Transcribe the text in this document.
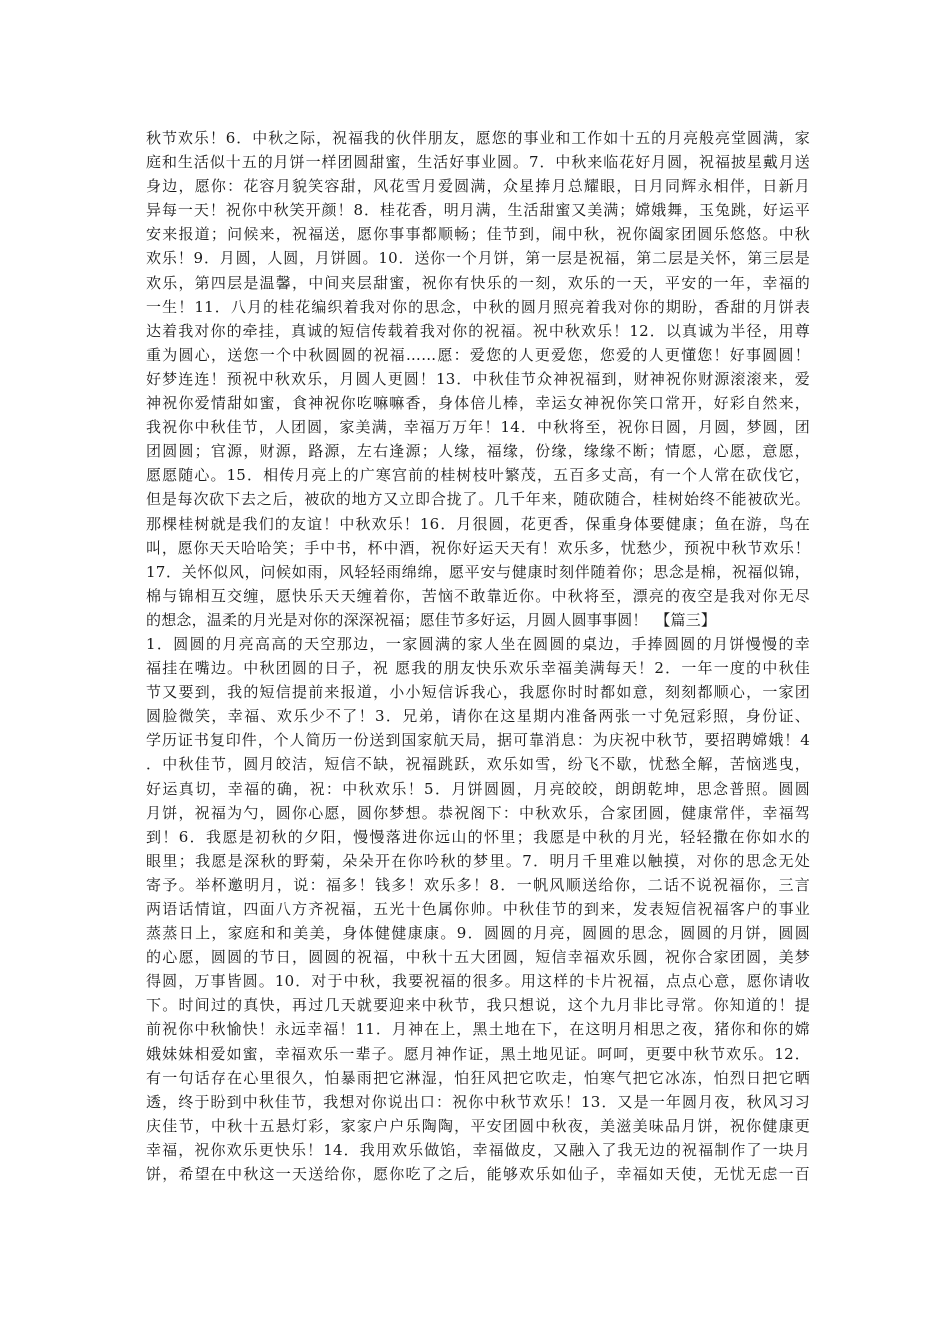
秋节欢乐！6．中秋之际，祝福我的伙伴朋友，愿您的事业和工作如十五的月亮般亮堂圆满，家
庭和生活似十五的月饼一样团圆甜蜜，生活好事业圆。7．中秋来临花好月圆，祝福披星戴月送
身边，愿你：花容月貌笑容甜，风花雪月爱圆满，众星捧月总耀眼，日月同辉永相伴，日新月
异每一天！祝你中秋笑开颜！8．桂花香，明月满，生活甜蜜又美满；嫦娥舞，玉兔跳，好运平
安来报道；问候来，祝福送，愿你事事都顺畅；佳节到，闹中秋，祝你阖家团圆乐悠悠。中秋
欢乐！9．月圆，人圆，月饼圆。10．送你一个月饼，第一层是祝福，第二层是关怀，第三层是
欢乐，第四层是温馨，中间夹层甜蜜，祝你有快乐的一刻，欢乐的一天，平安的一年，幸福的
一生！11．八月的桂花编织着我对你的思念，中秋的圆月照亮着我对你的期盼，香甜的月饼表
达着我对你的牵挂，真诚的短信传载着我对你的祝福。祝中秋欢乐！12．以真诚为半径，用尊
重为圆心，送您一个中秋圆圆的祝福……愿：爱您的人更爱您，您爱的人更懂您！好事圆圆！
好梦连连！预祝中秋欢乐，月圆人更圆！13．中秋佳节众神祝福到，财神祝你财源滚滚来，爱
神祝你爱情甜如蜜，食神祝你吃嘛嘛香，身体倍儿棒，幸运女神祝你笑口常开，好彩自然来，
我祝你中秋佳节，人团圆，家美满，幸福万万年！14．中秋将至，祝你日圆，月圆，梦圆，团
团圆圆；官源，财源，路源，左右逢源；人缘，福缘，份缘，缘缘不断；情愿，心愿，意愿，
愿愿随心。15．相传月亮上的广寒宫前的桂树枝叶繁茂，五百多丈高，有一个人常在砍伐它，
但是每次砍下去之后，被砍的地方又立即合拢了。几千年来，随砍随合，桂树始终不能被砍光。
那棵桂树就是我们的友谊！中秋欢乐！16．月很圆，花更香，保重身体要健康；鱼在游，鸟在
叫，愿你天天哈哈笑；手中书，杯中酒，祝你好运天天有！欢乐多，忧愁少，预祝中秋节欢乐！
17．关怀似风，问候如雨，风轻轻雨绵绵，愿平安与健康时刻伴随着你；思念是棉，祝福似锦，
棉与锦相互交缠，愿快乐天天缠着你，苦恼不敢靠近你。中秋将至，漂亮的夜空是我对你无尽
的想念，温柔的月光是对你的深深祝福；愿佳节多好运，月圆人圆事事圆！　【篇三】
1．圆圆的月亮高高的天空那边，一家圆满的家人坐在圆圆的桌边，手捧圆圆的月饼慢慢的幸
福挂在嘴边。中秋团圆的日子，祝 愿我的朋友快乐欢乐幸福美满每天！2．一年一度的中秋佳
节又要到，我的短信提前来报道，小小短信诉我心，我愿你时时都如意，刻刻都顺心，一家团
圆脸微笑，幸福、欢乐少不了！3．兄弟，请你在这星期内准备两张一寸免冠彩照，身份证、
学历证书复印件，个人简历一份送到国家航天局，据可靠消息：为庆祝中秋节，要招聘嫦娥！4
．中秋佳节，圆月皎洁，短信不缺，祝福跳跃，欢乐如雪，纷飞不歇，忧愁全解，苦恼逃曳，
好运真切，幸福的确，祝：中秋欢乐！5．月饼圆圆，月亮皎皎，朗朗乾坤，思念普照。圆圆
月饼，祝福为勺，圆你心愿，圆你梦想。恭祝阁下：中秋欢乐，合家团圆，健康常伴，幸福驾
到！6．我愿是初秋的夕阳，慢慢落进你远山的怀里；我愿是中秋的月光，轻轻撒在你如水的
眼里；我愿是深秋的野菊，朵朵开在你吟秋的梦里。7．明月千里难以触摸，对你的思念无处
寄予。举杯邀明月，说：福多！钱多！欢乐多！8．一帆风顺送给你，二话不说祝福你，三言
两语话情谊，四面八方齐祝福，五光十色属你帅。中秋佳节的到来，发表短信祝福客户的事业
蒸蒸日上，家庭和和美美，身体健健康康。9．圆圆的月亮，圆圆的思念，圆圆的月饼，圆圆
的心愿，圆圆的节日，圆圆的祝福，中秋十五大团圆，短信幸福欢乐圆，祝你合家团圆，美梦
得圆，万事皆圆。10．对于中秋，我要祝福的很多。用这样的卡片祝福，点点心意，愿你请收
下。时间过的真快，再过几天就要迎来中秋节，我只想说，这个九月非比寻常。你知道的！提
前祝你中秋愉快！永远幸福！11．月神在上，黑土地在下，在这明月相思之夜，猪你和你的嫦
娥妹妹相爱如蜜，幸福欢乐一辈子。愿月神作证，黑土地见证。呵呵，更要中秋节欢乐。12．
有一句话存在心里很久，怕暴雨把它淋湿，怕狂风把它吹走，怕寒气把它冰冻，怕烈日把它晒
透，终于盼到中秋佳节，我想对你说出口：祝你中秋节欢乐！13．又是一年圆月夜，秋风习习
庆佳节，中秋十五悬灯彩，家家户户乐陶陶，平安团圆中秋夜，美滋美味品月饼，祝你健康更
幸福，祝你欢乐更快乐！14．我用欢乐做馅，幸福做皮，又融入了我无边的祝福制作了一块月
饼，希望在中秋这一天送给你，愿你吃了之后，能够欢乐如仙子，幸福如天使，无忧无虑一百
